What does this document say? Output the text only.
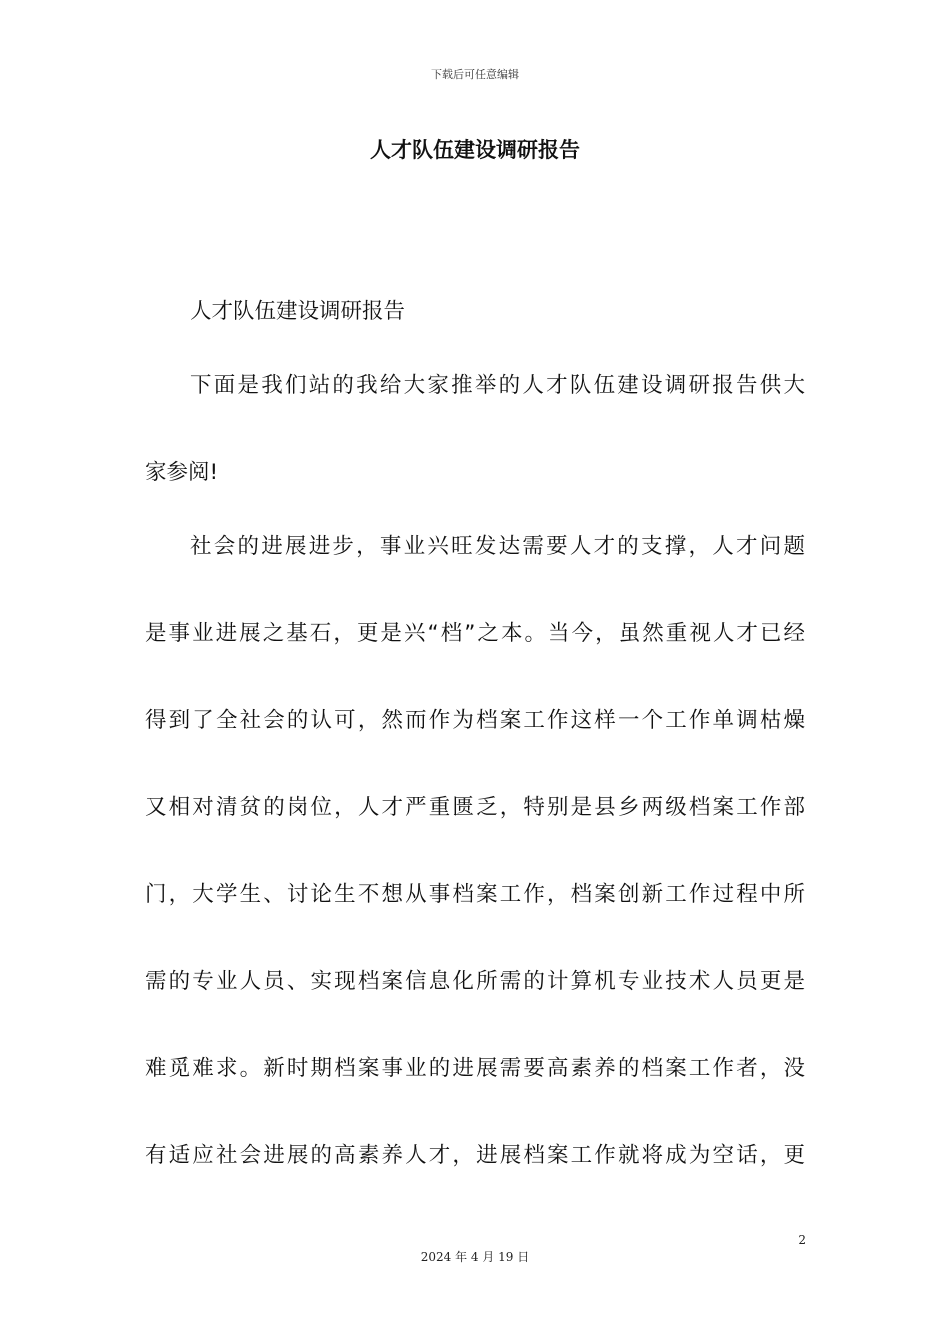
下载后可任意编辑
人才队伍建设调研报告
人才队伍建设调研报告
下面是我们站的我给大家推举的人才队伍建设调研报告供大
家参阅!
社会的进展进步，事业兴旺发达需要人才的支撑，人才问题
是事业进展之基石，更是兴“档”之本。当今，虽然重视人才已经
得到了全社会的认可，然而作为档案工作这样一个工作单调枯燥
又相对清贫的岗位，人才严重匮乏，特别是县乡两级档案工作部
门，大学生、讨论生不想从事档案工作，档案创新工作过程中所
需的专业人员、实现档案信息化所需的计算机专业技术人员更是
难觅难求。新时期档案事业的进展需要高素养的档案工作者，没
有适应社会进展的高素养人才，进展档案工作就将成为空话，更
2
2024 年 4 月 19 日
